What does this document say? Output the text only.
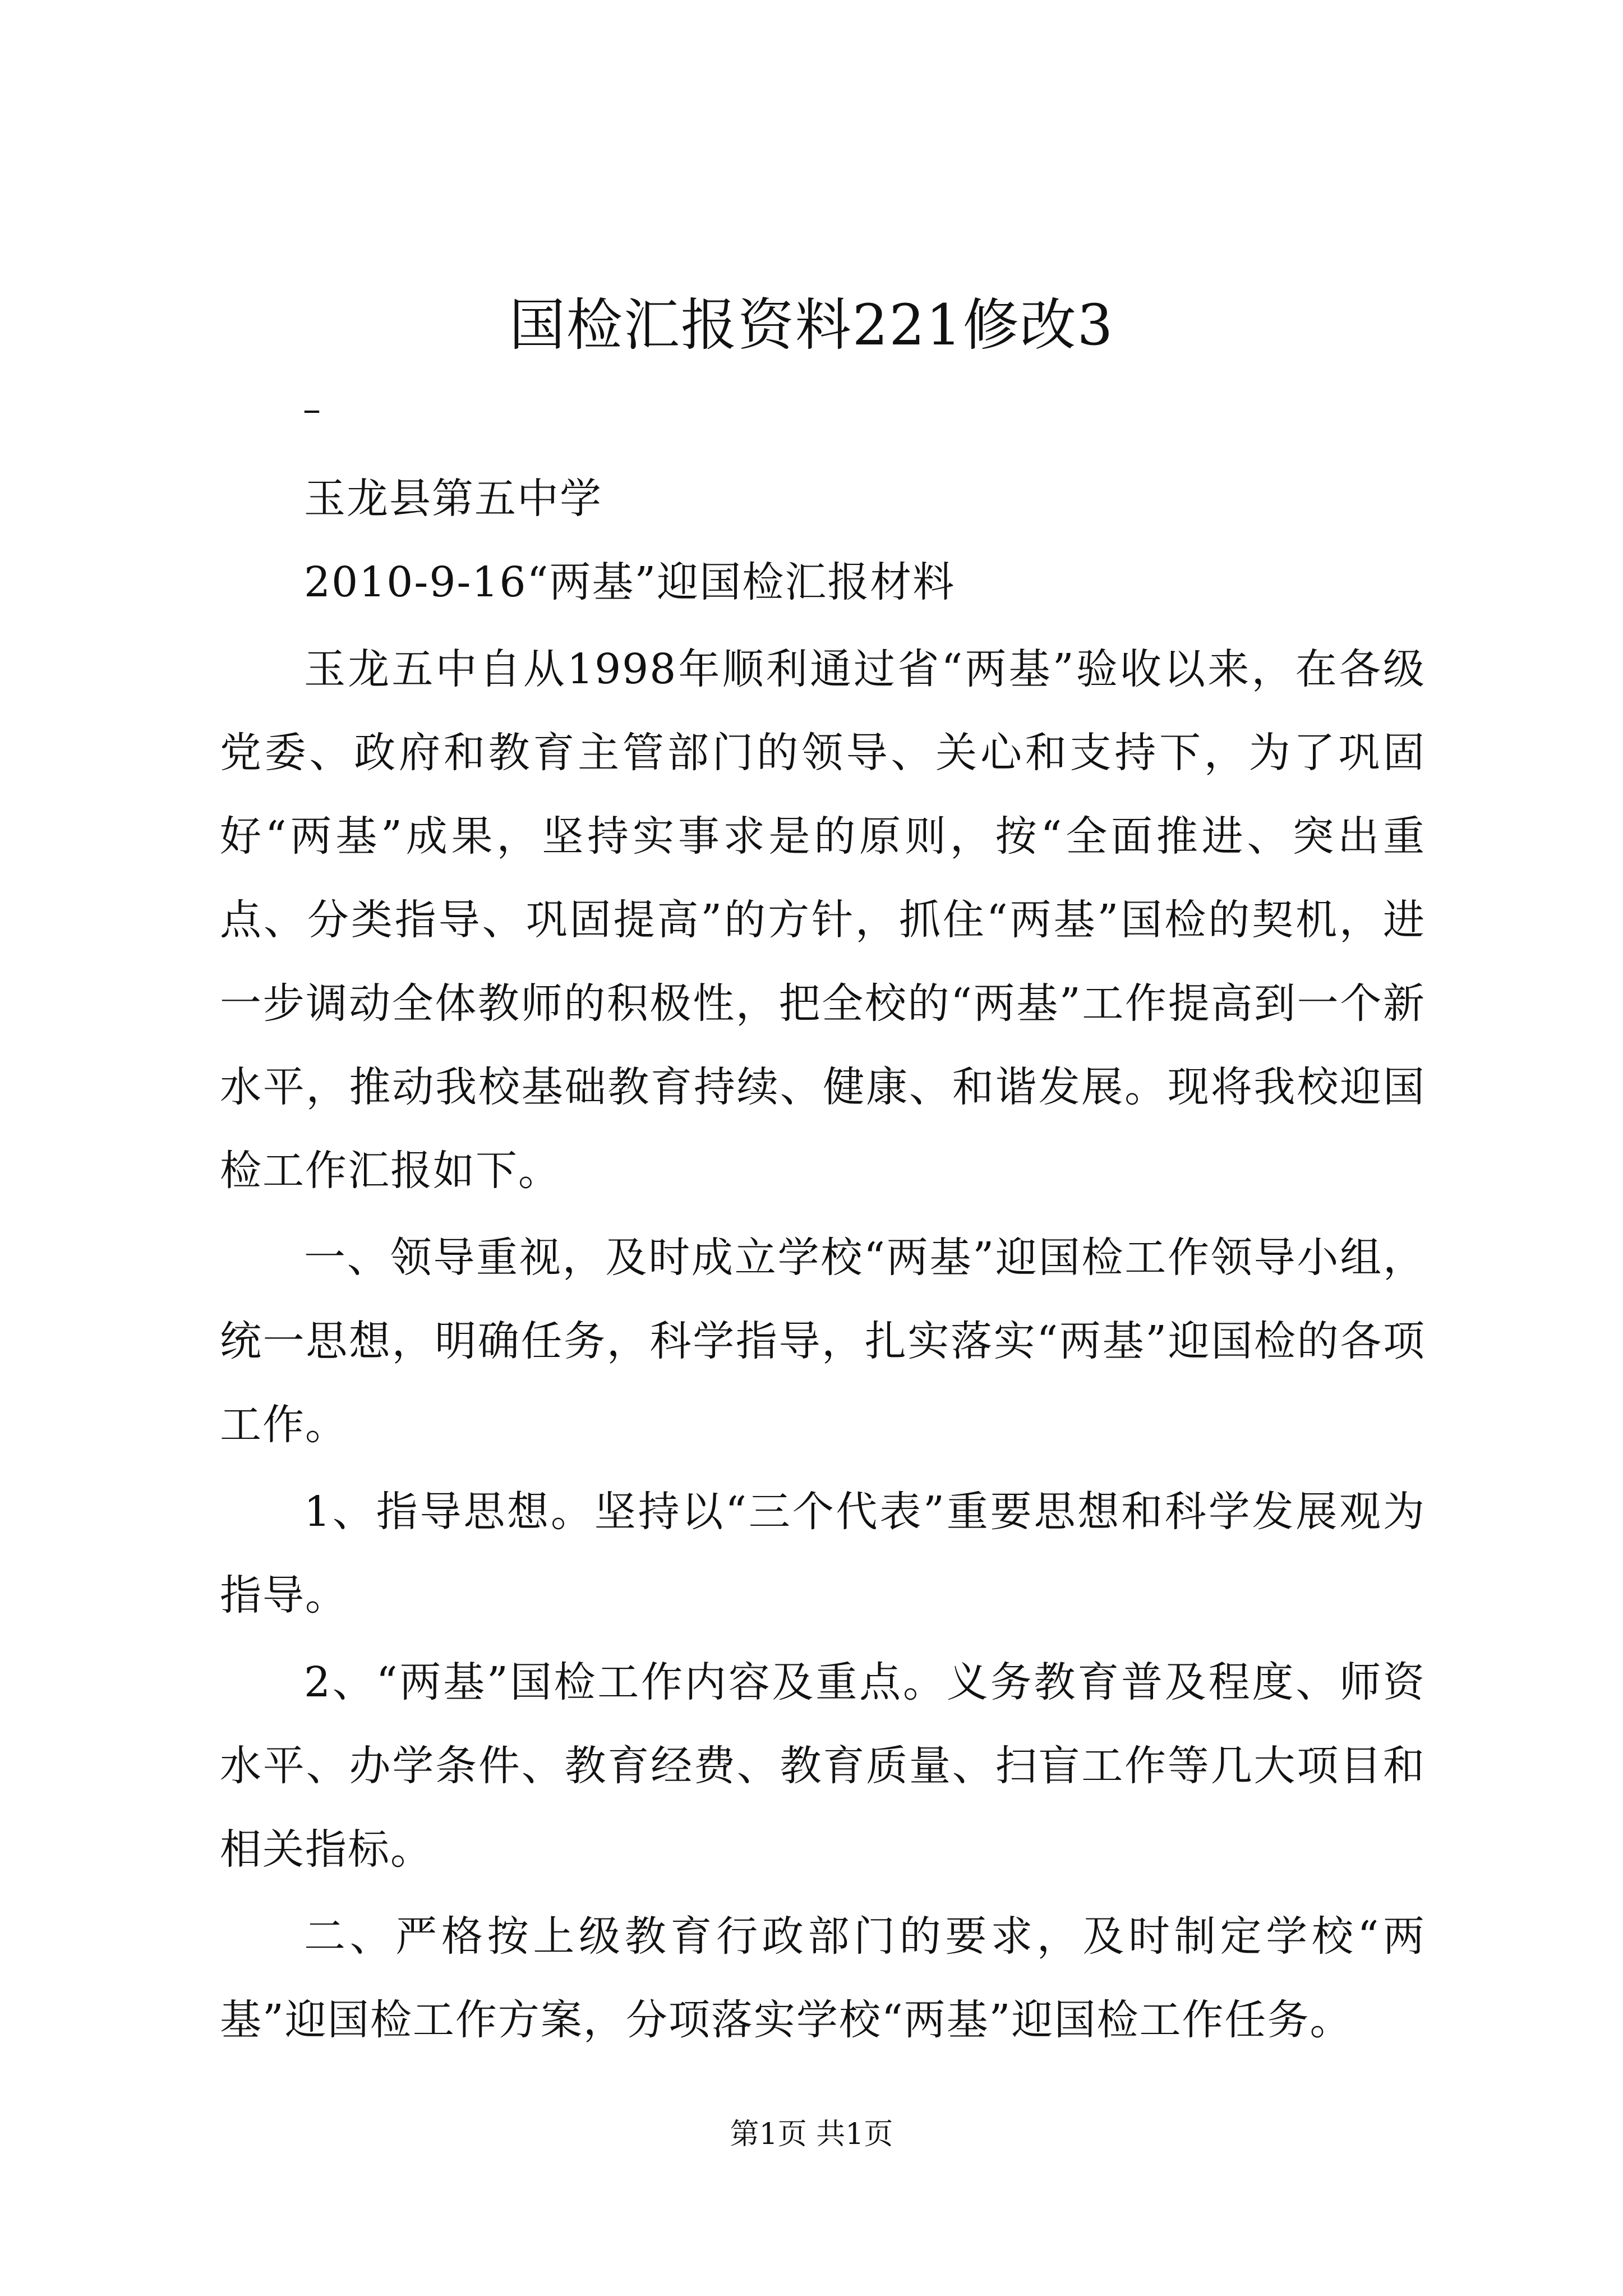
国检汇报资料221修改3
–

玉龙县第五中学

2010-9-16“两基”迎国检汇报材料

玉龙五中自从1998年顺利通过省“两基”验收以来，在各级党委、政府和教育主管部门的领导、关心和支持下，为了巩固好“两基”成果，坚持实事求是的原则，按“全面推进、突出重点、分类指导、巩固提高”的方针，抓住“两基”国检的契机，进一步调动全体教师的积极性，把全校的“两基”工作提高到一个新水平，推动我校基础教育持续、健康、和谐发展。现将我校迎国检工作汇报如下。

一、领导重视，及时成立学校“两基”迎国检工作领导小组，统一思想，明确任务，科学指导，扎实落实“两基”迎国检的各项工作。

1、指导思想。坚持以“三个代表”重要思想和科学发展观为指导。

2、“两基”国检工作内容及重点。义务教育普及程度、师资水平、办学条件、教育经费、教育质量、扫盲工作等几大项目和相关指标。

二、严格按上级教育行政部门的要求，及时制定学校“两基”迎国检工作方案，分项落实学校“两基”迎国检工作任务。

第1页 共1页
